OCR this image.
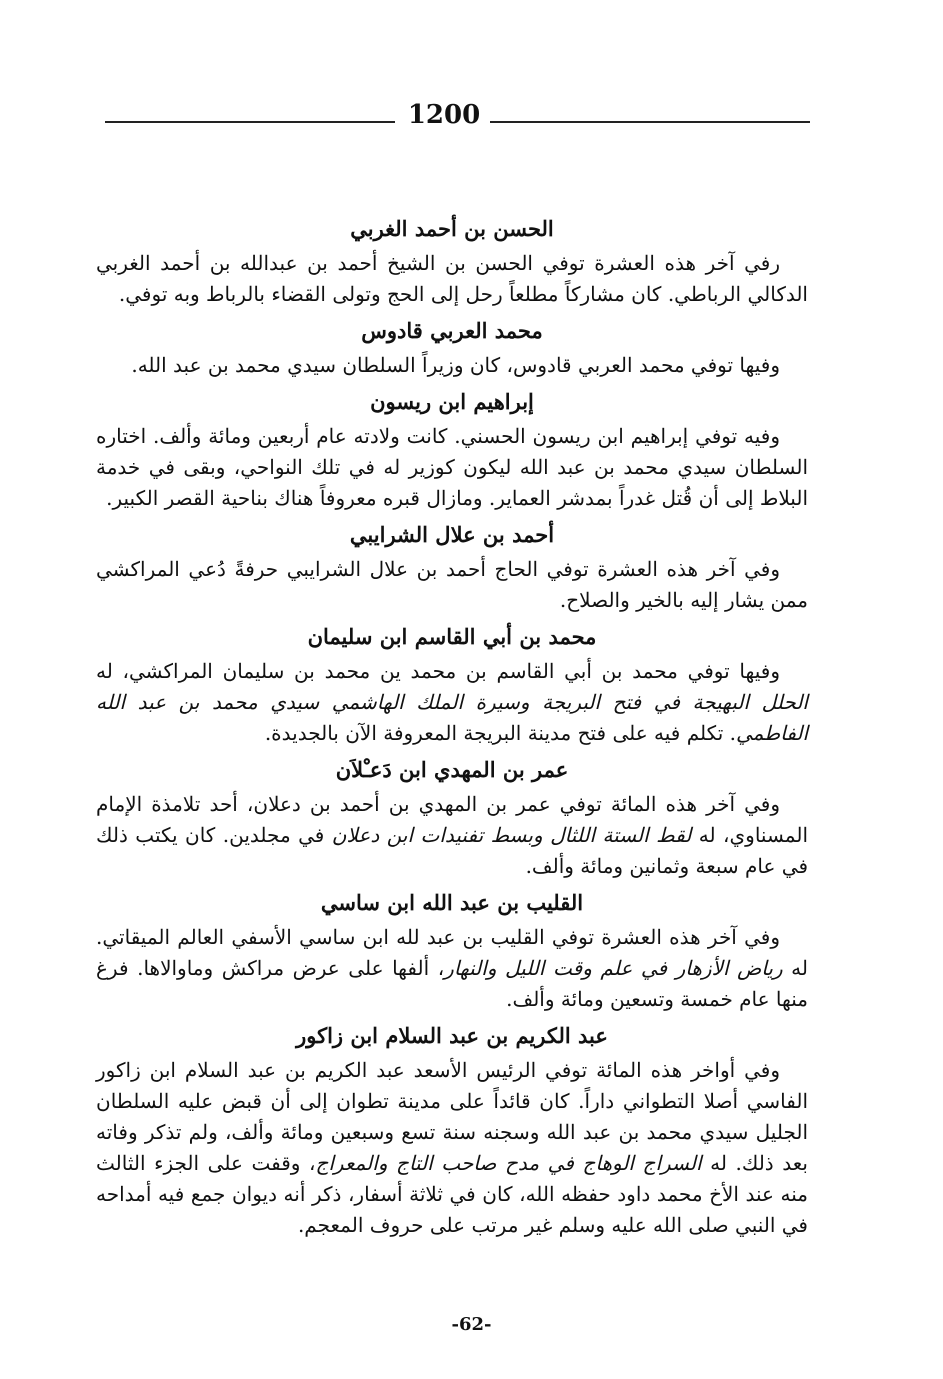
1200
الحسن بن أحمد الغربي

رفي آخر هذه العشرة توفي الحسن بن الشيخ أحمد بن عبدالله بن أحمد الغربي الدكالي الرباطي. كان مشاركاً مطلعاً رحل إلى الحج وتولى القضاء بالرباط وبه توفي.

محمد العربي قادوس

وفيها توفي محمد العربي قادوس، كان وزيراً السلطان سيدي محمد بن عبد الله.

إبراهيم ابن ريسون

وفيه توفي إبراهيم ابن ريسون الحسني. كانت ولادته عام أربعين ومائة وألف. اختاره السلطان سيدي محمد بن عبد الله ليكون كوزير له في تلك النواحي، وبقى في خدمة البلاط إلى أن قُتل غدراً بمدشر العماير. ومازال قبره معروفاً هناك بناحية القصر الكبير.

أحمد بن علال الشرايبي

وفي آخر هذه العشرة توفي الحاج أحمد بن علال الشرايبي حرفةً دُعي المراكشي ممن يشار إليه بالخير والصلاح.

محمد بن أبي القاسم ابن سليمان

وفيها توفي محمد بن أبي القاسم بن محمد ين محمد بن سليمان المراكشي، له الحلل البهيجة في فتح البريجة وسيرة الملك الهاشمي سيدي محمد بن عبد الله الفاطمي. تكلم فيه على فتح مدينة البريجة المعروفة الآن بالجديدة.

عمر بن المهدي ابن دَعـْلاَن

وفي آخر هذه المائة توفي عمر بن المهدي بن أحمد بن دعلان، أحد تلامذة الإمام المسناوي، له لقط الستة اللثال وبسط تفنيدات ابن دعلان في مجلدين. كان يكتب ذلك في عام سبعة وثمانين ومائة وألف.

القليب بن عبد الله ابن ساسي

وفي آخر هذه العشرة توفي القليب بن عبد لله ابن ساسي الأسفي العالم الميقاتي. له رياض الأزهار في علم وقت الليل والنهار، ألفها على عرض مراكش وماوالاها. فرغ منها عام خمسة وتسعين ومائة وألف.

عبد الكريم بن عبد السلام ابن زاكور

وفي أواخر هذه المائة توفي الرئيس الأسعد عبد الكريم بن عبد السلام ابن زاكور الفاسي أصلا التطواني داراً. كان قائداً على مدينة تطوان إلى أن قبض عليه السلطان الجليل سيدي محمد بن عبد الله وسجنه سنة تسع وسبعين ومائة وألف، ولم تذكر وفاته بعد ذلك. له السراج الوهاج في مدح صاحب التاج والمعراج، وقفت على الجزء الثالث منه عند الأخ محمد داود حفظه الله، كان في ثلاثة أسفار، ذكر أنه ديوان جمع فيه أمداحه في النبي صلى الله عليه وسلم غير مرتب على حروف المعجم.

-62-
